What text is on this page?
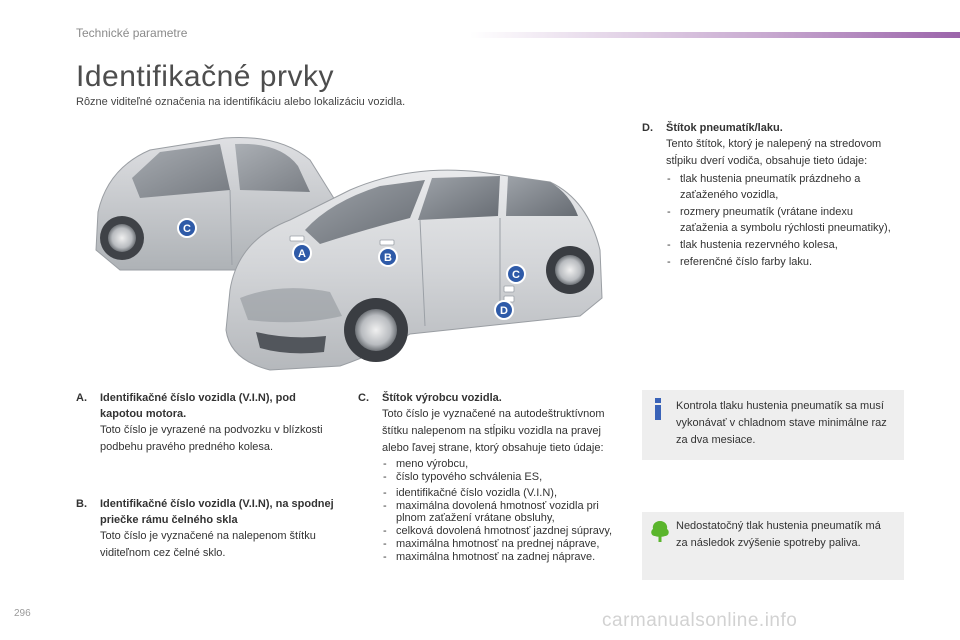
Technické parametre
Identifikačné prvky

Rôzne viditeľné označenia na identifikáciu alebo lokalizáciu vozidla.

C
A	B
C
D
A.	Identifikačné číslo vozidla (V.I.N), pod kapotou motora.

Toto číslo je vyrazené na podvozku v blízkosti podbehu pravého predného kolesa.

B.	Identifikačné číslo vozidla (V.I.N), na spodnej priečke rámu čelného skla

Toto číslo je vyznačené na nalepenom štítku viditeľnom cez čelné sklo.

C.	Štítok výrobcu vozidla.

Toto číslo je vyznačené na autodeštruktívnom štítku nalepenom na stĺpiku vozidla na pravej alebo ľavej strane, ktorý obsahuje tieto údaje:

- meno výrobcu,
- číslo typového schválenia ES,
- identifikačné číslo vozidla (V.I.N),
- maximálna dovolená hmotnosť vozidla pri plnom zaťažení vrátane obsluhy,
- celková dovolená hmotnosť jazdnej súpravy,
- maximálna hmotnosť na prednej nápravе,
- maximálna hmotnosť na zadnej nápravе.
D.	Štítok pneumatík/laku.

Tento štítok, ktorý je nalepený na stredovom stĺpiku dverí vodiča, obsahuje tieto údaje:

- tlak hustenia pneumatík prázdneho a zaťaženého vozidla,
- rozmery pneumatík (vrátane indexu zaťaženia a symbolu rýchlosti pneumatiky),
- tlak hustenia rezervného kolesa,
- referenčné číslo farby laku.

Kontrola tlaku hustenia pneumatík sa musí vykonávať v chladnom stave minimálne raz za dva mesiace.

Nedostatočný tlak hustenia pneumatík má za následok zvýšenie spotreby paliva.

296	carmanualsonline.info
